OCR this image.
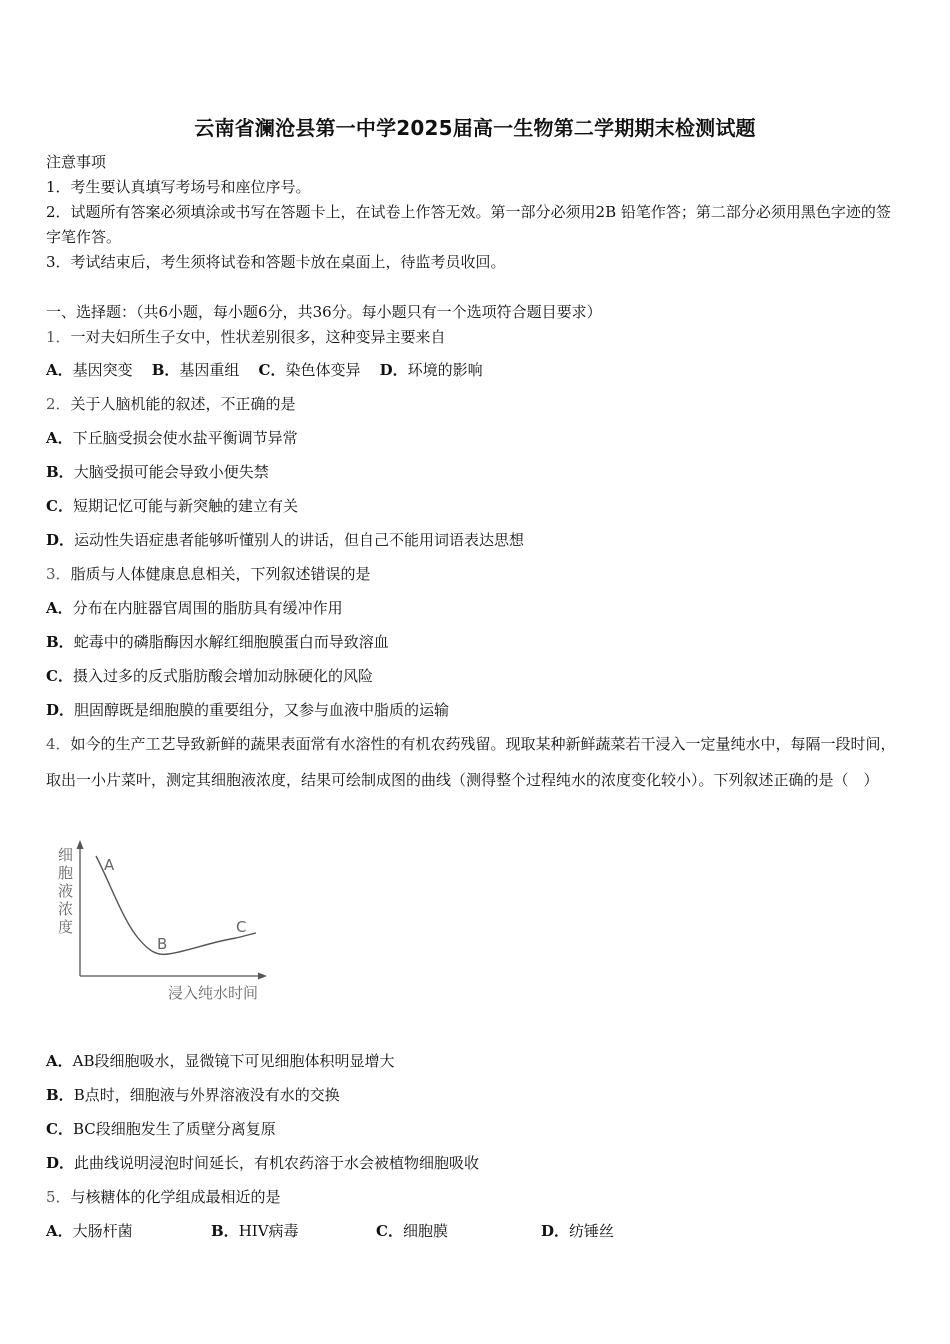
云南省澜沧县第一中学2025届高一生物第二学期期末检测试题
注意事项
1．考生要认真填写考场号和座位序号。
2．试题所有答案必须填涂或书写在答题卡上，在试卷上作答无效。第一部分必须用2B 铅笔作答；第二部分必须用黑色字迹的签字笔作答。
3．考试结束后，考生须将试卷和答题卡放在桌面上，待监考员收回。
一、选择题：（共6小题，每小题6分，共36分。每小题只有一个选项符合题目要求）
1．一对夫妇所生子女中，性状差别很多，这种变异主要来自
A．基因突变 B．基因重组 C．染色体变异 D．环境的影响
2．关于人脑机能的叙述，不正确的是
A．下丘脑受损会使水盐平衡调节异常
B．大脑受损可能会导致小便失禁
C．短期记忆可能与新突触的建立有关
D．运动性失语症患者能够听懂别人的讲话，但自己不能用词语表达思想
3．脂质与人体健康息息相关，下列叙述错误的是
A．分布在内脏器官周围的脂肪具有缓冲作用
B．蛇毒中的磷脂酶因水解红细胞膜蛋白而导致溶血
C．摄入过多的反式脂肪酸会增加动脉硬化的风险
D．胆固醇既是细胞膜的重要组分，又参与血液中脂质的运输
4．如今的生产工艺导致新鲜的蔬果表面常有水溶性的有机农药残留。现取某种新鲜蔬菜若干浸入一定量纯水中，每隔一段时间，取出一小片菜叶，测定其细胞液浓度，结果可绘制成图的曲线（测得整个过程纯水的浓度变化较小）。下列叙述正确的是（　）
细
胞
液
浓
度
A
B
C
浸入纯水时间
A．AB段细胞吸水，显微镜下可见细胞体积明显增大
B．B点时，细胞液与外界溶液没有水的交换
C．BC段细胞发生了质壁分离复原
D．此曲线说明浸泡时间延长，有机农药溶于水会被植物细胞吸收
5．与核糖体的化学组成最相近的是
A．大肠杆菌	B．HIV病毒	C．细胞膜	D．纺锤丝
